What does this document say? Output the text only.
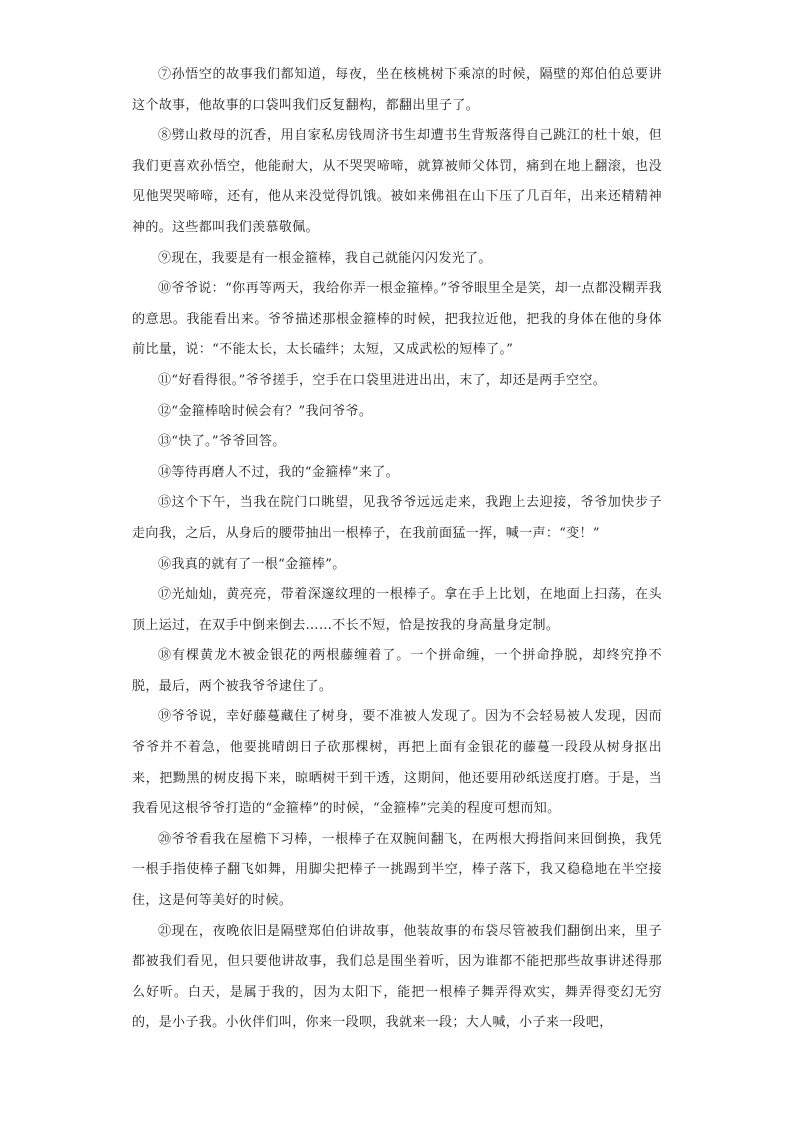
⑦孙悟空的故事我们都知道，每夜，坐在核桃树下乘凉的时候，隔壁的郑伯伯总要讲这个故事，他故事的口袋叫我们反复翻构，都翻出里子了。

⑧劈山救母的沉香，用自家私房钱周济书生却遭书生背叛落得自己跳江的杜十娘，但我们更喜欢孙悟空，他能耐大，从不哭哭啼啼，就算被师父体罚，痛到在地上翻滚，也没见他哭哭啼啼，还有，他从来没觉得饥饿。被如来佛祖在山下压了几百年，出来还精精神神的。这些都叫我们羡慕敬佩。

⑨现在，我要是有一根金箍棒，我自己就能闪闪发光了。

⑩爷爷说：“你再等两天，我给你弄一根金箍棒。”爷爷眼里全是笑，却一点都没糊弄我的意思。我能看出来。爷爷描述那根金箍棒的时候，把我拉近他，把我的身体在他的身体前比量，说：“不能太长，太长磕绊；太短，又成武松的短棒了。”

⑪“好看得很。”爷爷搓手，空手在口袋里进进出出，末了，却还是两手空空。

⑫“金箍棒啥时候会有？”我问爷爷。

⑬“快了。”爷爷回答。

⑭等待再磨人不过，我的“金箍棒”来了。

⑮这个下午，当我在院门口眺望，见我爷爷远远走来，我跑上去迎接，爷爷加快步子走向我，之后，从身后的腰带抽出一根棒子，在我前面猛一挥，喊一声：“变！”

⑯我真的就有了一根“金箍棒”。

⑰光灿灿，黄亮亮，带着深邃纹理的一根棒子。拿在手上比划，在地面上扫荡，在头顶上运过，在双手中倒来倒去……不长不短，恰是按我的身高量身定制。

⑱有棵黄龙木被金银花的两根藤缠着了。一个拼命缠，一个拼命挣脱，却终究挣不脱，最后，两个被我爷爷逮住了。

⑲爷爷说，幸好藤蔓藏住了树身，要不准被人发现了。因为不会轻易被人发现，因而爷爷并不着急，他要挑晴朗日子砍那棵树，再把上面有金银花的藤蔓一段段从树身抠出来，把黝黑的树皮揭下来，晾晒树干到干透，这期间，他还要用砂纸送度打磨。于是，当我看见这根爷爷打造的“金箍棒”的时候，“金箍棒”完美的程度可想而知。

⑳爷爷看我在屋檐下习棒，一根棒子在双腕间翻飞，在两根大拇指间来回倒换，我凭一根手指使棒子翻飞如舞，用脚尖把棒子一挑踢到半空，棒子落下，我又稳稳地在半空接住，这是何等美好的时候。

㉑现在，夜晚依旧是隔壁郑伯伯讲故事，他装故事的布袋尽管被我们翻倒出来，里子都被我们看见，但只要他讲故事，我们总是围坐着听，因为谁都不能把那些故事讲述得那么好听。白天，是属于我的，因为太阳下，能把一根棒子舞弄得欢实，舞弄得变幻无穷的，是小子我。小伙伴们叫，你来一段呗，我就来一段；大人喊，小子来一段吧，
